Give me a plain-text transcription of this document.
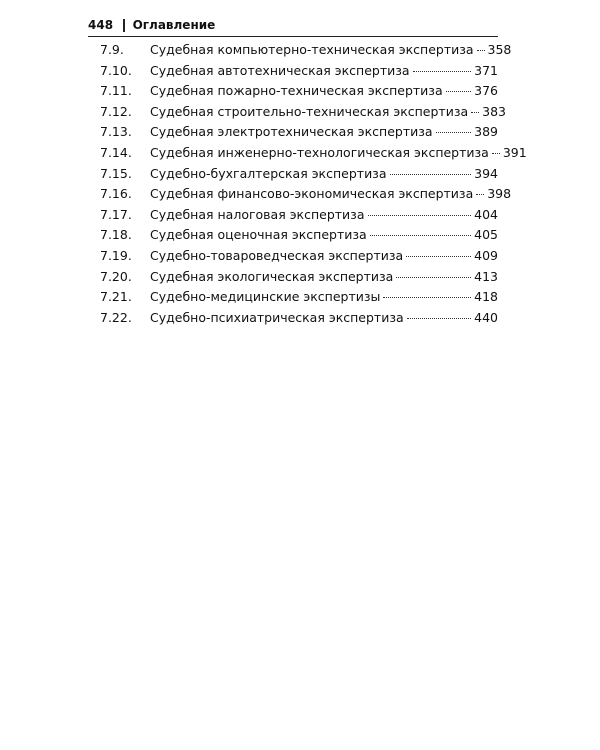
448 Оглавление
7.9.	Судебная компьютерно-техническая экспертиза 358
7.10.	Судебная автотехническая экспертиза	371
7.11.	Судебная пожарно-техническая экспертиза	376
7.12.	Судебная строительно-техническая экспертиза 383
7.13.	Судебная электротехническая экспертиза	389
7.14.	Судебная инженерно-технологическая экспертиза 391
7.15.	Судебно-бухгалтерская экспертиза	394
7.16.	Судебная финансово-экономическая экспертиза 398
7.17.	Судебная налоговая экспертиза	404
7.18.	Судебная оценочная экспертиза	405
7.19.	Судебно-товароведческая экспертиза	409
7.20.	Судебная экологическая экспертиза	413
7.21.	Судебно-медицинские экспертизы	418
7.22.	Судебно-психиатрическая экспертиза	440
